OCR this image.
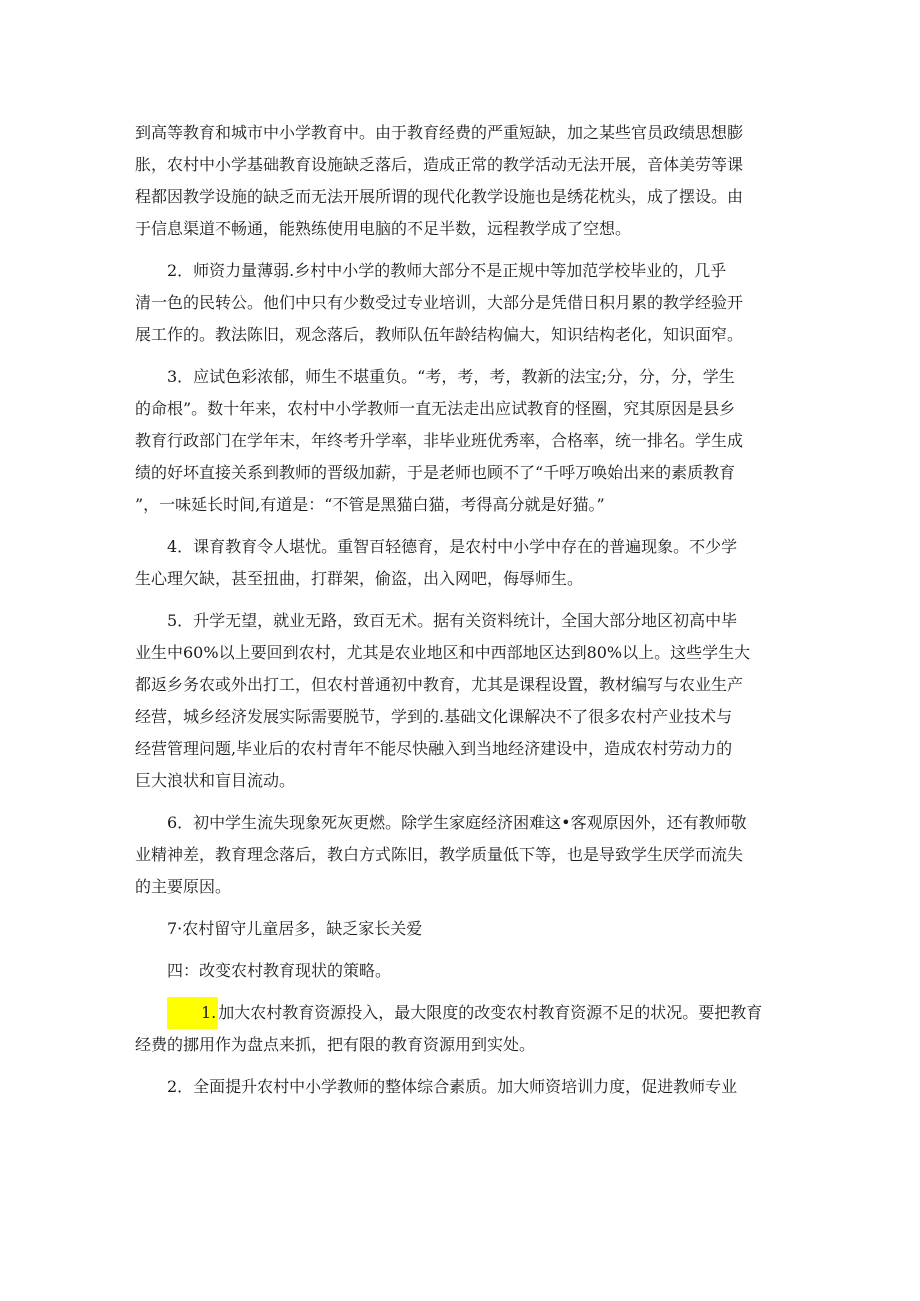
到高等教育和城市中小学教育中。由于教育经费的严重短缺，加之某些官员政绩思想膨
胀，农村中小学基础教育设施缺乏落后，造成正常的教学活动无法开展，音体美劳等课
程都因教学设施的缺乏而无法开展所谓的现代化教学设施也是绣花枕头，成了摆设。由
于信息渠道不畅通，能熟练使用电脑的不足半数，远程教学成了空想。

2．师资力量薄弱.乡村中小学的教师大部分不是正规中等加范学校毕业的，几乎
清一色的民转公。他们中只有少数受过专业培训，大部分是凭借日积月累的教学经验开
展工作的。教法陈旧，观念落后，教师队伍年龄结构偏大，知识结构老化，知识面窄。

3．应试色彩浓郁，师生不堪重负。“考，考，考，教新的法宝;分，分，分，学生
的命根”。数十年来，农村中小学教师一直无法走出应试教育的怪圈，究其原因是县乡
教育行政部门在学年末，年终考升学率，非毕业班优秀率，合格率，统一排名。学生成
绩的好坏直接关系到教师的晋级加薪，于是老师也顾不了“千呼万唤始出来的素质教育
”，一味延长时间,有道是：“不管是黑猫白猫，考得高分就是好猫。”

4．课育教育令人堪忧。重智百轻德育，是农村中小学中存在的普遍现象。不少学
生心理欠缺，甚至扭曲，打群架，偷盗，出入网吧，侮辱师生。

5．升学无望，就业无路，致百无术。据有关资料统计，全国大部分地区初高中毕
业生中60%以上要回到农村，尤其是农业地区和中西部地区达到80%以上。这些学生大
都返乡务农或外出打工，但农村普通初中教育，尤其是课程设置，教材编写与农业生产
经营，城乡经济发展实际需要脱节，学到的.基础文化课解决不了很多农村产业技术与
经营管理问题,毕业后的农村青年不能尽快融入到当地经济建设中，造成农村劳动力的
巨大浪状和盲目流动。

6．初中学生流失现象死灰更燃。除学生家庭经济困难这•客观原因外，还有教师敬
业精神差，教育理念落后，教白方式陈旧，教学质量低下等，也是导致学生厌学而流失
的主要原因。

7·农村留守儿童居多，缺乏家长关爱

四：改变农村教育现状的策略。

1. 加大农村教育资源投入，最大限度的改变农村教育资源不足的状况。要把教育
经费的挪用作为盘点来抓，把有限的教育资源用到实处。

2．全面提升农村中小学教师的整体综合素质。加大师资培训力度，促进教师专业
